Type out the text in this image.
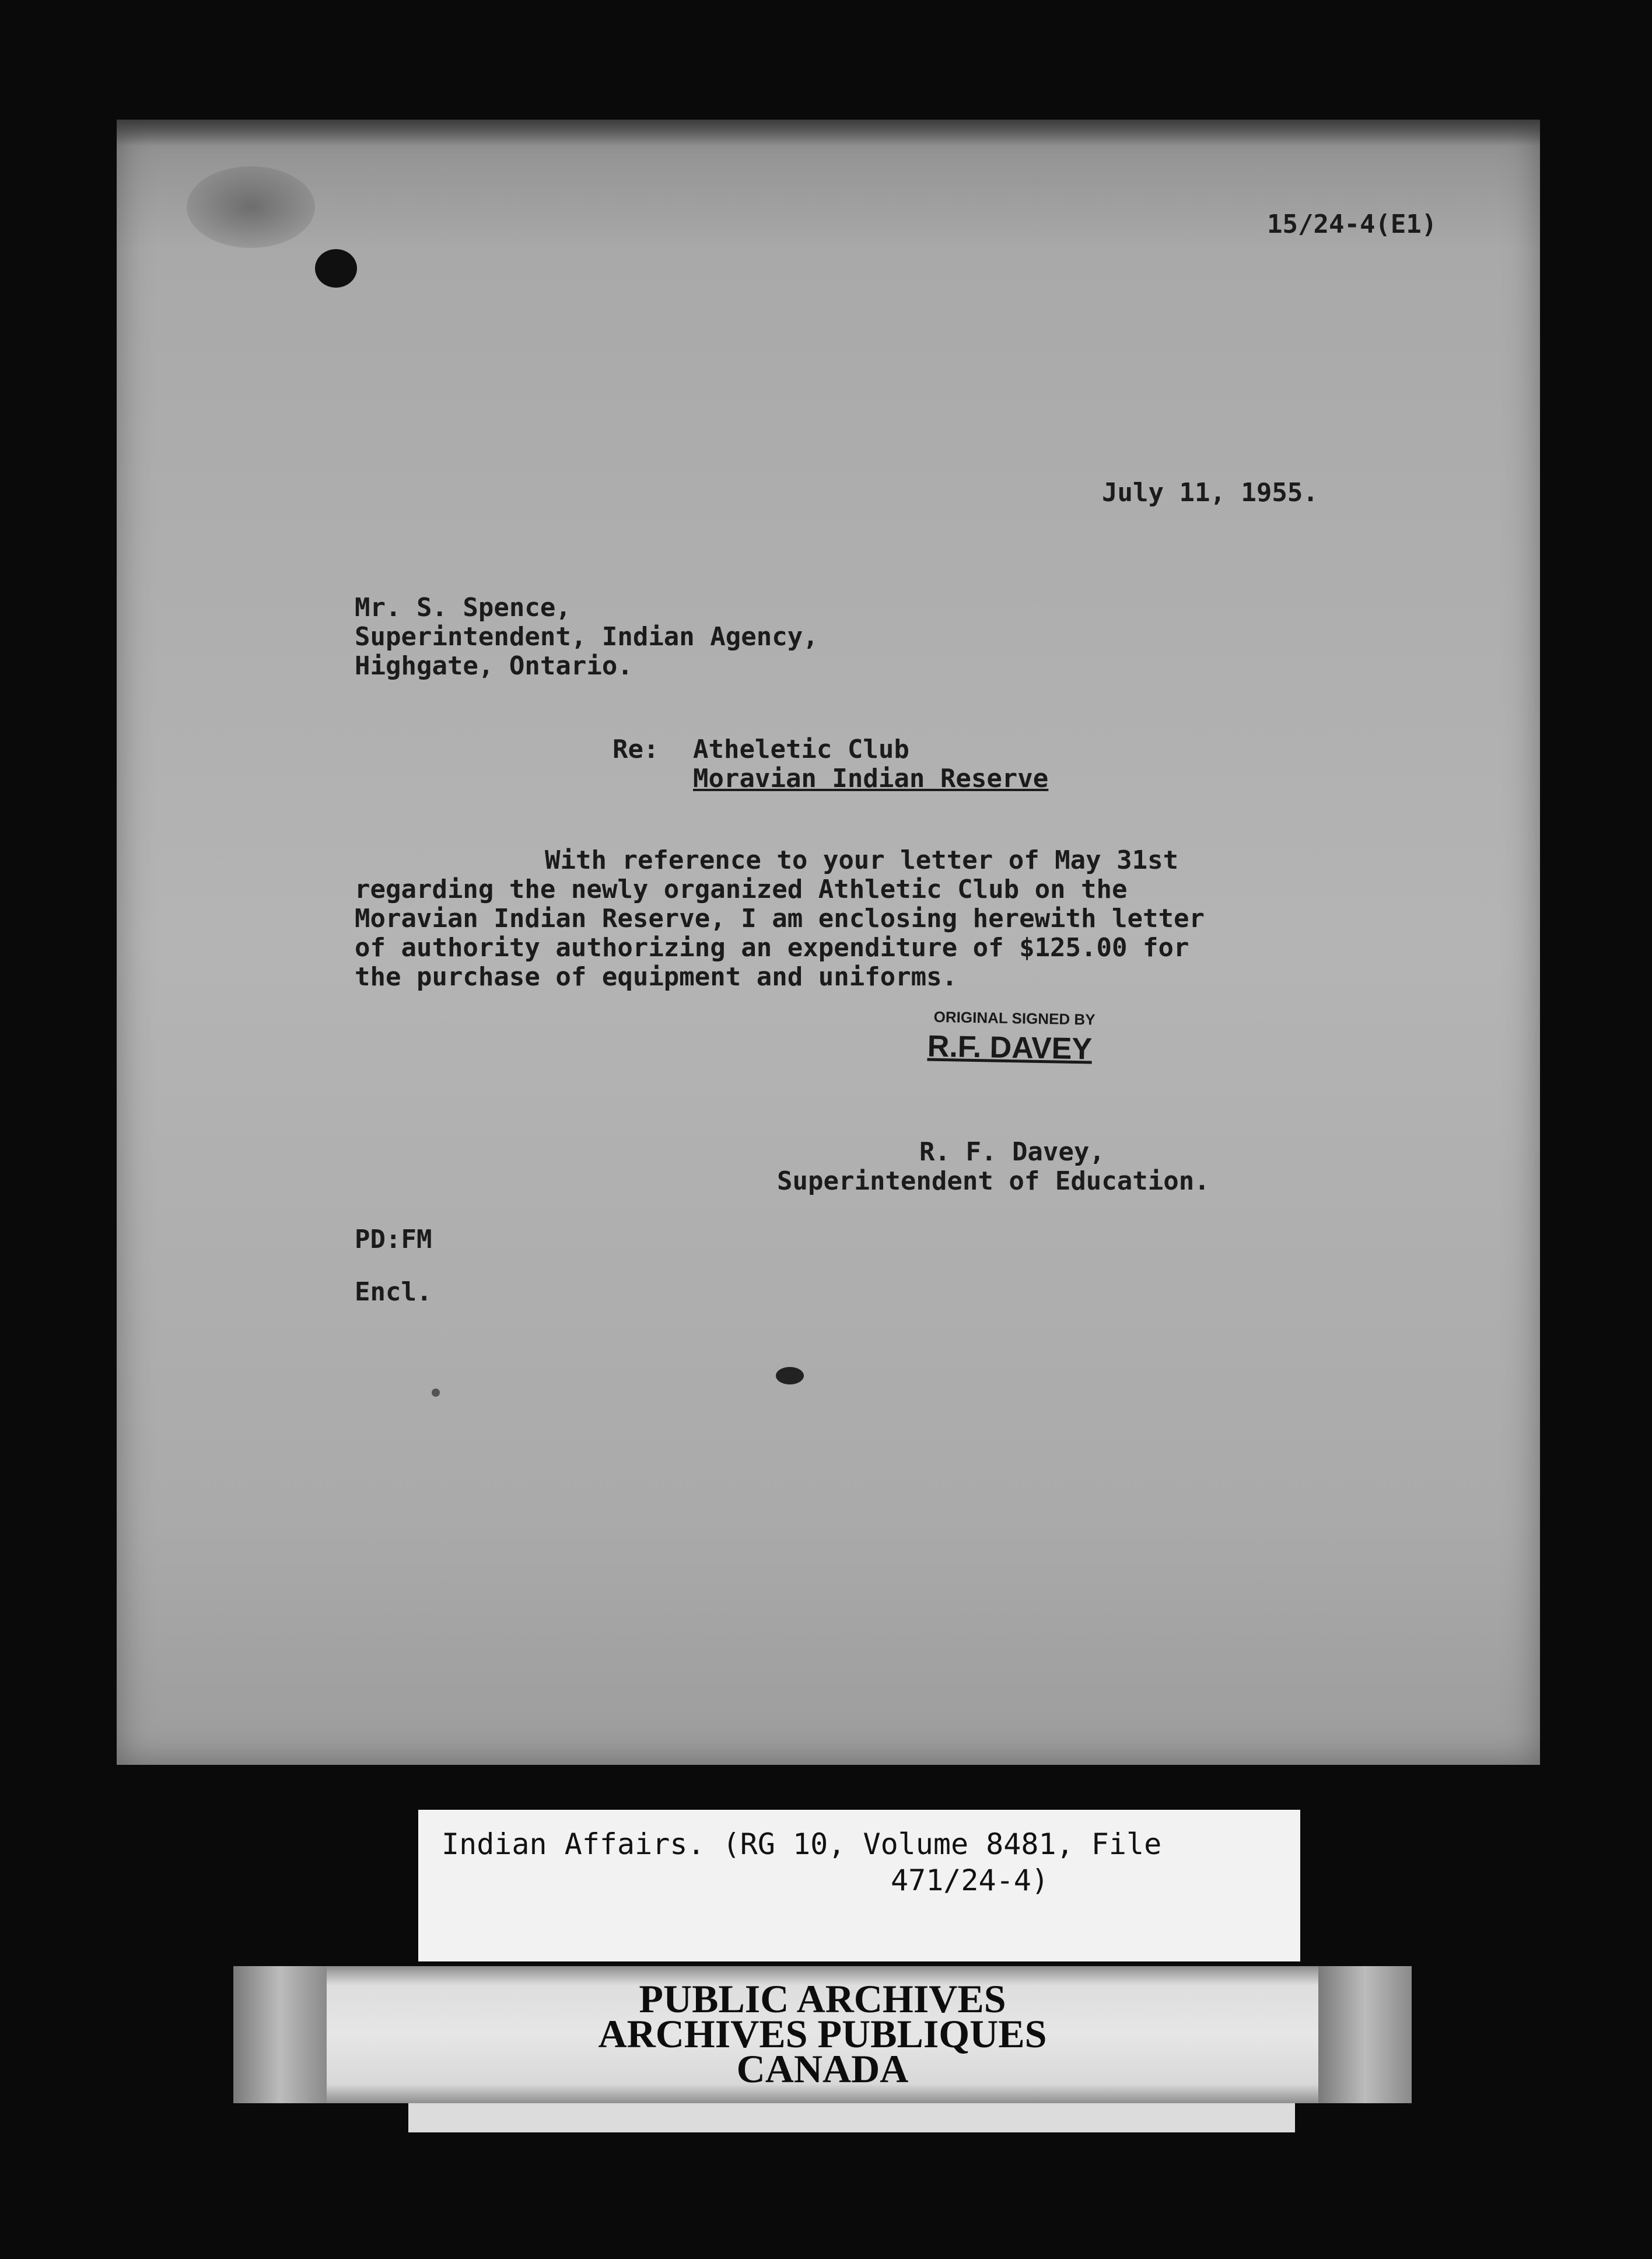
15/24-4(E1)

July 11, 1955.

Mr. S. Spence,

Superintendent, Indian Agency,

Highgate, Ontario.

Re: Atheletic Club

Moravian Indian Reserve

With reference to your letter of May 31st

regarding the newly organized Athletic Club on the

Moravian Indian Reserve, I am enclosing herewith letter

of authority authorizing an expenditure of $125.00 for

the purchase of equipment and uniforms.

ORIGINAL SIGNED BY

R.F. DAVEY

R. F. Davey,

Superintendent of Education.

PD:FM

Encl.

Indian Affairs. (RG 10, Volume 8481, File

471/24-4)

PUBLIC ARCHIVES

ARCHIVES PUBLIQUES

CANADA
